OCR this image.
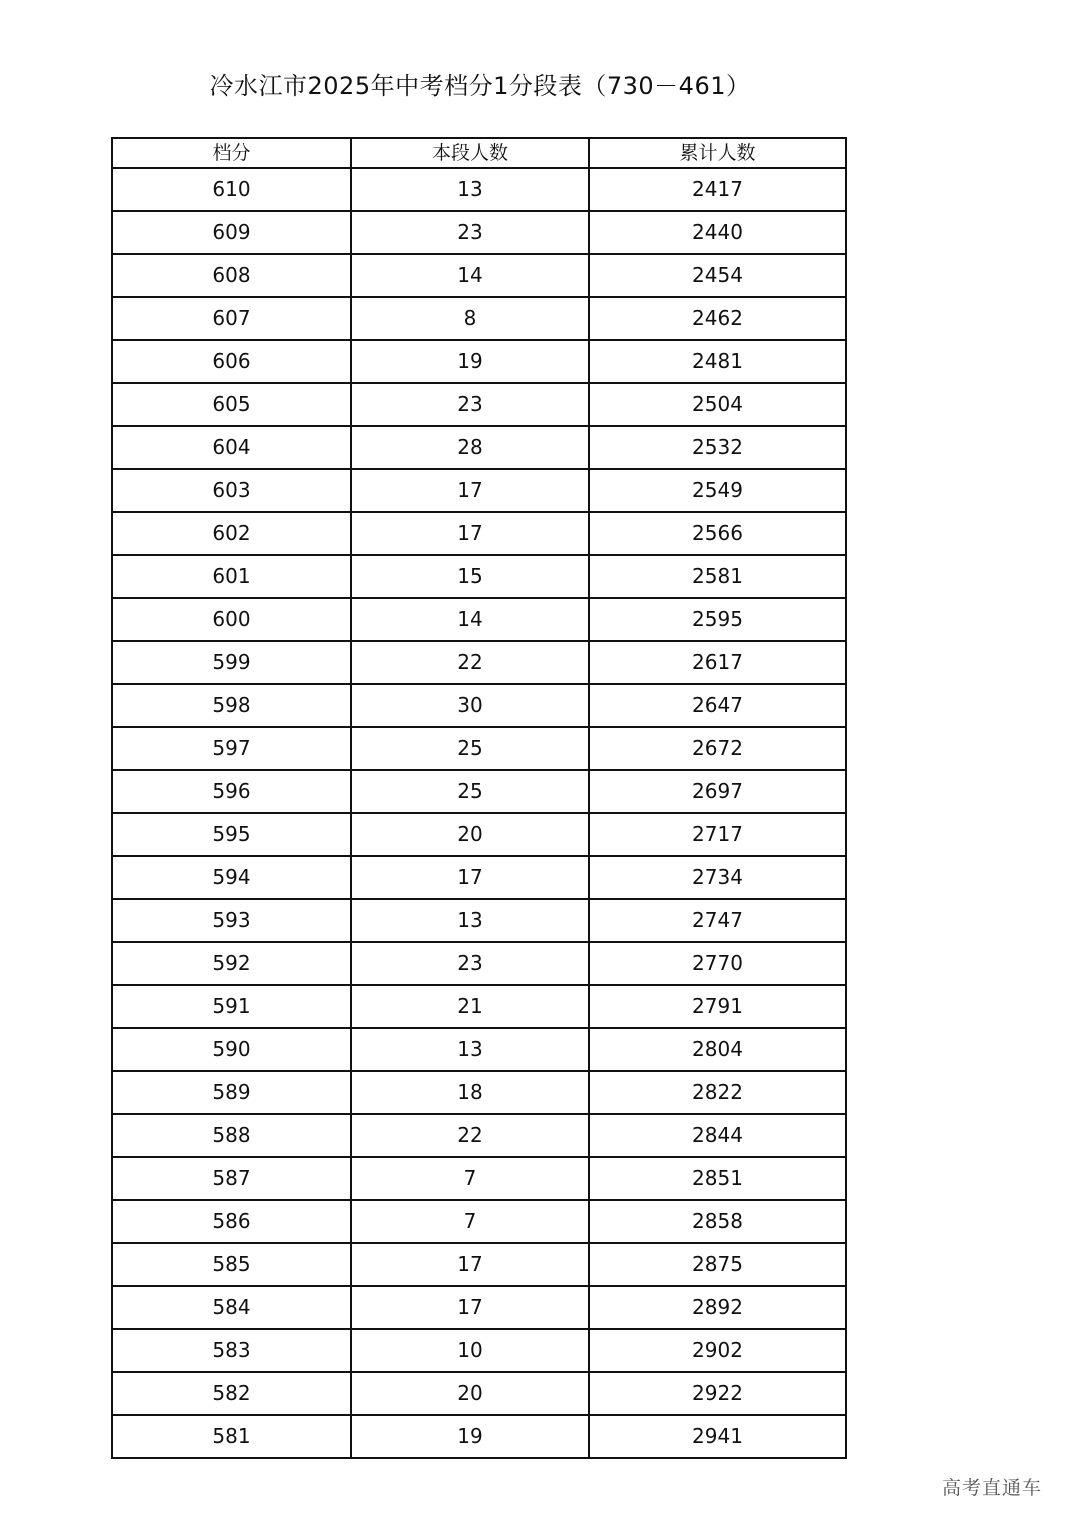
冷水江市2025年中考档分1分段表（730－461）
档分	本段人数	累计人数
610	13	2417
609	23	2440
608	14	2454
607	8	2462
606	19	2481
605	23	2504
604	28	2532
603	17	2549
602	17	2566
601	15	2581
600	14	2595
599	22	2617
598	30	2647
597	25	2672
596	25	2697
595	20	2717
594	17	2734
593	13	2747
592	23	2770
591	21	2791
590	13	2804
589	18	2822
588	22	2844
587	7	2851
586	7	2858
585	17	2875
584	17	2892
583	10	2902
582	20	2922
581	19	2941
高考直通车
